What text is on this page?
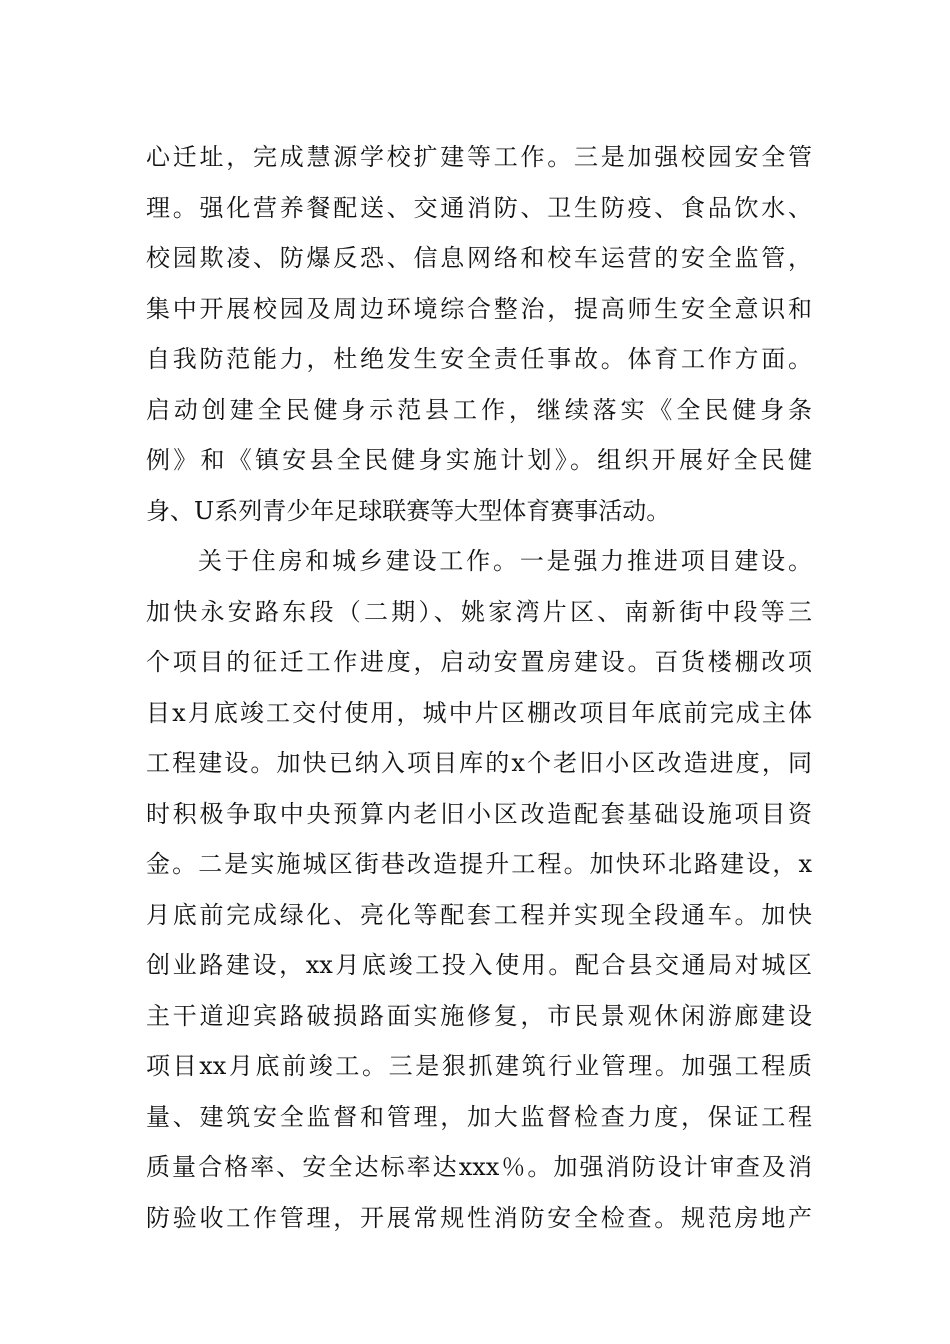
心迁址，完成慧源学校扩建等工作。三是加强校园安全管
理。强化营养餐配送、交通消防、卫生防疫、食品饮水、
校园欺凌、防爆反恐、信息网络和校车运营的安全监管，
集中开展校园及周边环境综合整治，提高师生安全意识和
自我防范能力，杜绝发生安全责任事故。体育工作方面。
启动创建全民健身示范县工作，继续落实《全民健身条
例》和《镇安县全民健身实施计划》。组织开展好全民健
身、U系列青少年足球联赛等大型体育赛事活动。
关于住房和城乡建设工作。一是强力推进项目建设。
加快永安路东段（二期）、姚家湾片区、南新街中段等三
个项目的征迁工作进度，启动安置房建设。百货楼棚改项
目x月底竣工交付使用，城中片区棚改项目年底前完成主体
工程建设。加快已纳入项目库的x个老旧小区改造进度，同
时积极争取中央预算内老旧小区改造配套基础设施项目资
金。二是实施城区街巷改造提升工程。加快环北路建设，x
月底前完成绿化、亮化等配套工程并实现全段通车。加快
创业路建设，xx月底竣工投入使用。配合县交通局对城区
主干道迎宾路破损路面实施修复，市民景观休闲游廊建设
项目xx月底前竣工。三是狠抓建筑行业管理。加强工程质
量、建筑安全监督和管理，加大监督检查力度，保证工程
质量合格率、安全达标率达xxx％。加强消防设计审查及消
防验收工作管理，开展常规性消防安全检查。规范房地产
